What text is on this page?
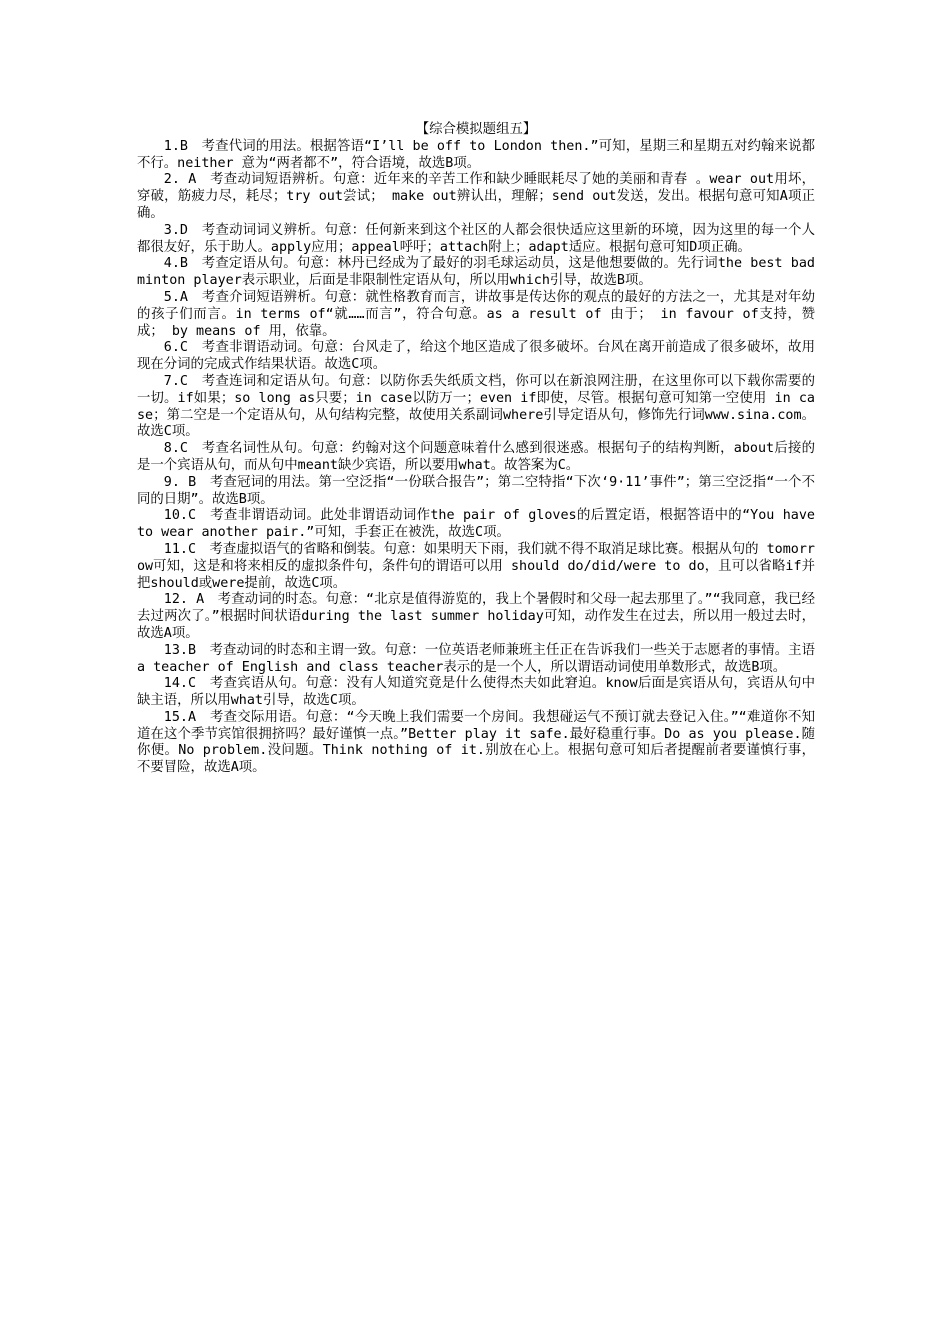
【综合模拟题组五】

1.B　考查代词的用法。根据答语“I’ll be off to London then.”可知，星期三和星期五对约翰来说都不行。neither 意为“两者都不”，符合语境，故选B项。

2. A　考查动词短语辨析。句意：近年来的辛苦工作和缺少睡眠耗尽了她的美丽和青春 。wear out用坏，穿破，筋疲力尽，耗尽；try out尝试； make out辨认出，理解；send out发送，发出。根据句意可知A项正确。

3.D　考查动词词义辨析。句意：任何新来到这个社区的人都会很快适应这里新的环境，因为这里的每一个人都很友好，乐于助人。apply应用；appeal呼吁；attach附上；adapt适应。根据句意可知D项正确。

4.B　考查定语从句。句意：林丹已经成为了最好的羽毛球运动员，这是他想要做的。先行词the best badminton player表示职业，后面是非限制性定语从句，所以用which引导，故选B项。

5.A　考查介词短语辨析。句意：就性格教育而言，讲故事是传达你的观点的最好的方法之一，尤其是对年幼的孩子们而言。in terms of“就……而言”，符合句意。as a result of 由于； in favour of支持，赞成； by means of 用，依靠。

6.C　考查非谓语动词。句意：台风走了，给这个地区造成了很多破坏。台风在离开前造成了很多破坏，故用现在分词的完成式作结果状语。故选C项。

7.C　考查连词和定语从句。句意：以防你丢失纸质文档，你可以在新浪网注册，在这里你可以下载你需要的一切。if如果；so long as只要；in case以防万一；even if即使，尽管。根据句意可知第一空使用 in case；第二空是一个定语从句，从句结构完整，故使用关系副词where引导定语从句，修饰先行词www.sina.com。故选C项。

8.C　考查名词性从句。句意：约翰对这个问题意味着什么感到很迷惑。根据句子的结构判断，about后接的是一个宾语从句，而从句中meant缺少宾语，所以要用what。故答案为C。

9. B　考查冠词的用法。第一空泛指“一份联合报告”；第二空特指“下次‘9·11’事件”；第三空泛指“一个不同的日期”。故选B项。

10.C　考查非谓语动词。此处非谓语动词作the pair of gloves的后置定语，根据答语中的“You have to wear another pair.”可知，手套正在被洗，故选C项。

11.C　考查虚拟语气的省略和倒装。句意：如果明天下雨，我们就不得不取消足球比赛。根据从句的 tomorrow可知，这是和将来相反的虚拟条件句，条件句的谓语可以用 should do/did/were to do，且可以省略if并把should或were提前，故选C项。

12. A　考查动词的时态。句意：“北京是值得游览的，我上个暑假时和父母一起去那里了。”“我同意，我已经去过两次了。”根据时间状语during the last summer holiday可知，动作发生在过去，所以用一般过去时，故选A项。

13.B　考查动词的时态和主谓一致。句意：一位英语老师兼班主任正在告诉我们一些关于志愿者的事情。主语a teacher of English and class teacher表示的是一个人，所以谓语动词使用单数形式，故选B项。

14.C　考查宾语从句。句意：没有人知道究竟是什么使得杰夫如此窘迫。know后面是宾语从句，宾语从句中缺主语，所以用what引导，故选C项。

15.A　考查交际用语。句意：“今天晚上我们需要一个房间。我想碰运气不预订就去登记入住。”“难道你不知道在这个季节宾馆很拥挤吗？最好谨慎一点。”Better play it safe.最好稳重行事。Do as you please.随你便。No problem.没问题。Think nothing of it.别放在心上。根据句意可知后者提醒前者要谨慎行事，不要冒险，故选A项。
